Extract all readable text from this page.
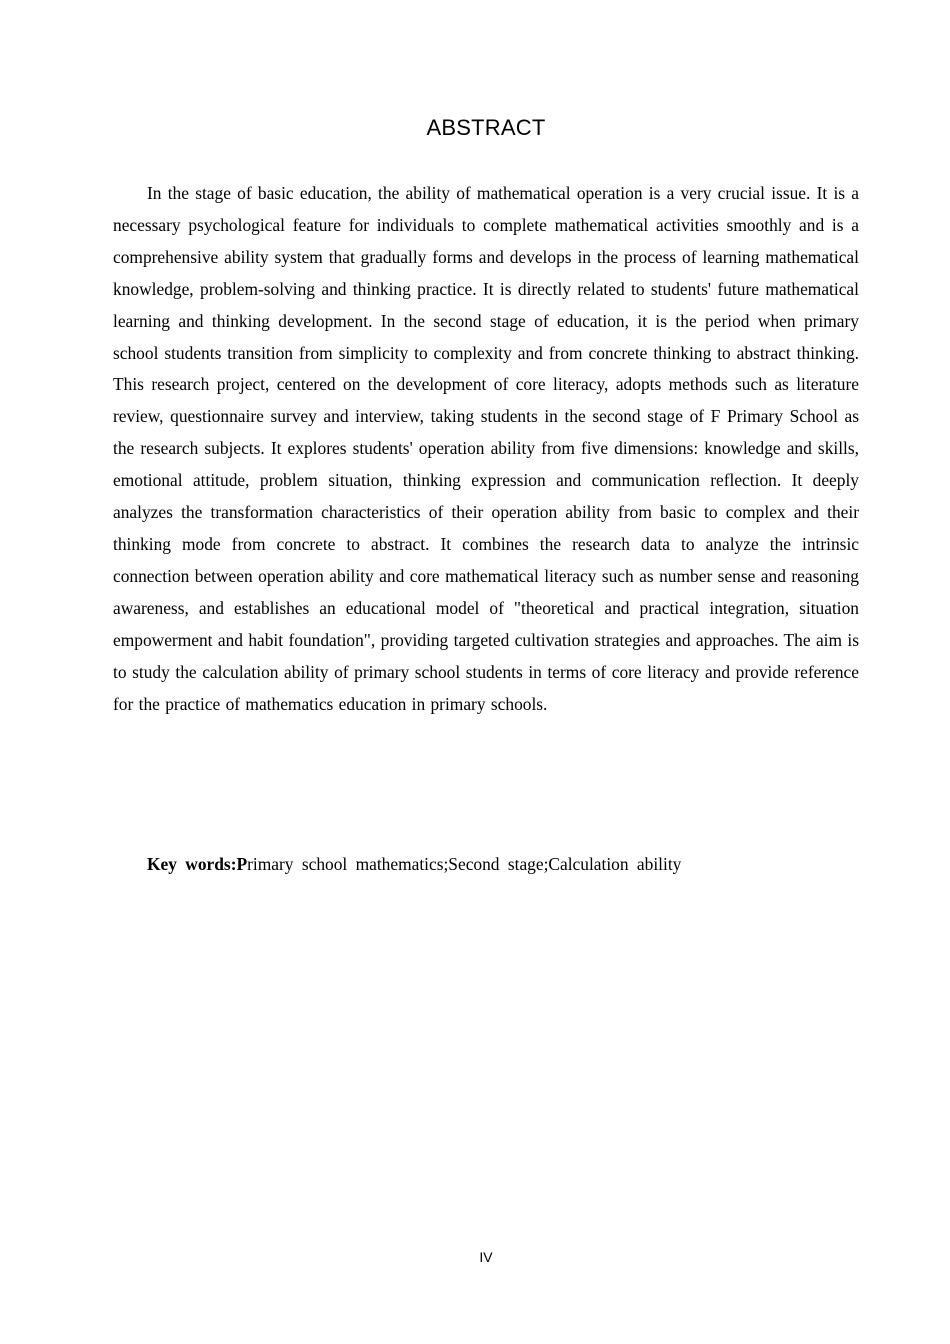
ABSTRACT

In the stage of basic education, the ability of mathematical operation is a very crucial issue. It is a necessary psychological feature for individuals to complete mathematical activities smoothly and is a comprehensive ability system that gradually forms and develops in the process of learning mathematical knowledge, problem-solving and thinking practice. It is directly related to students' future mathematical learning and thinking development. In the second stage of education, it is the period when primary school students transition from simplicity to complexity and from concrete thinking to abstract thinking. This research project, centered on the development of core literacy, adopts methods such as literature review, questionnaire survey and interview, taking students in the second stage of F Primary School as the research subjects. It explores students' operation ability from five dimensions: knowledge and skills, emotional attitude, problem situation, thinking expression and communication reflection. It deeply analyzes the transformation characteristics of their operation ability from basic to complex and their thinking mode from concrete to abstract. It combines the research data to analyze the intrinsic connection between operation ability and core mathematical literacy such as number sense and reasoning awareness, and establishes an educational model of "theoretical and practical integration, situation empowerment and habit foundation", providing targeted cultivation strategies and approaches. The aim is to study the calculation ability of primary school students in terms of core literacy and provide reference for the practice of mathematics education in primary schools.

Key words:Primary school mathematics;Second stage;Calculation ability

IV
